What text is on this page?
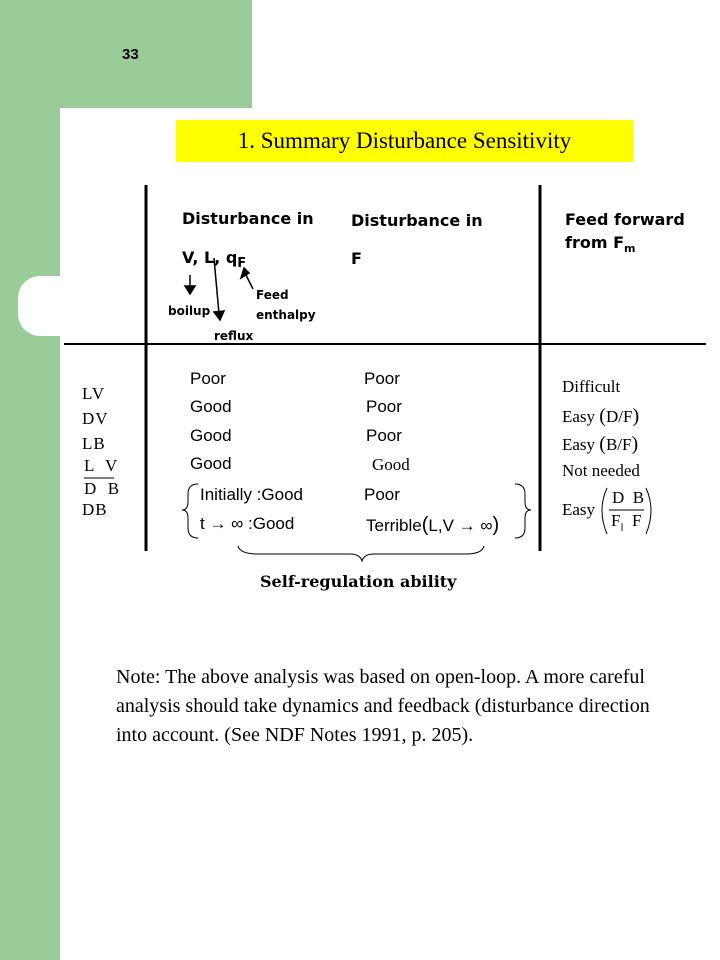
33
1. Summary Disturbance Sensitivity
Disturbance in
V, L, $q_F$
Disturbance in
F
Feed forward
from $F_m$
boilup
reflux
Feed
enthalpy
LV
DV
LB
L  V
D  B
DB
Poor
Good
Good
Good
Initially :Good
t → ∞ :Good
Poor
Poor
Poor
Good
Poor
Terrible(L,V → ∞)
Difficult
Easy (D/F)
Easy (B/F)
Not needed
Easy
D  B
$F_l$ F
Self-regulation ability
Note: The above analysis was based on open-loop. A more careful analysis should take dynamics and feedback (disturbance direction into account. (See NDF Notes 1991, p. 205).
